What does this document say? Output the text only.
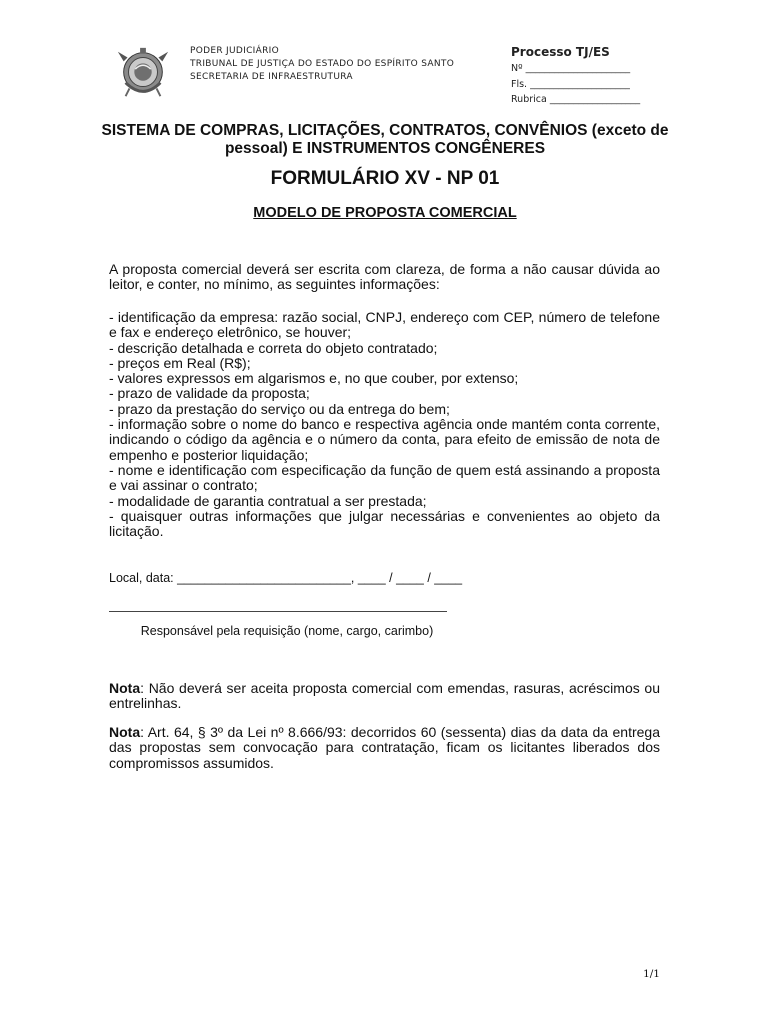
PODER JUDICIÁRIO
TRIBUNAL DE JUSTIÇA DO ESTADO DO ESPÍRITO SANTO
SECRETARIA DE INFRAESTRUTURA
Processo TJ/ES
Nº ______________________
Fls. _____________________
Rubrica ___________________
SISTEMA DE COMPRAS, LICITAÇÕES, CONTRATOS, CONVÊNIOS (exceto de pessoal) E INSTRUMENTOS CONGÊNERES
FORMULÁRIO XV - NP 01
MODELO DE PROPOSTA COMERCIAL
A proposta comercial deverá ser escrita com clareza, de forma a não causar dúvida ao leitor, e conter, no mínimo, as seguintes informações:
- identificação da empresa: razão social, CNPJ, endereço com CEP, número de telefone e fax e endereço eletrônico, se houver;
- descrição detalhada e correta do objeto contratado;
- preços em Real (R$);
- valores expressos em algarismos e, no que couber, por extenso;
- prazo de validade da proposta;
- prazo da prestação do serviço ou da entrega do bem;
- informação sobre o nome do banco e respectiva agência onde mantém conta corrente, indicando o código da agência e o número da conta, para efeito de emissão de nota de empenho e posterior liquidação;
- nome e identificação com especificação da função de quem está assinando a proposta e vai assinar o contrato;
- modalidade de garantia contratual a ser prestada;
- quaisquer outras informações que julgar necessárias e convenientes ao objeto da licitação.
Local, data: _________________________, ____ / ____ / ____
Responsável pela requisição (nome, cargo, carimbo)
Nota: Não deverá ser aceita proposta comercial com emendas, rasuras, acréscimos ou entrelinhas.
Nota: Art. 64, § 3º da Lei nº 8.666/93: decorridos 60 (sessenta) dias da data da entrega das propostas sem convocação para contratação, ficam os licitantes liberados dos compromissos assumidos.
1/1
